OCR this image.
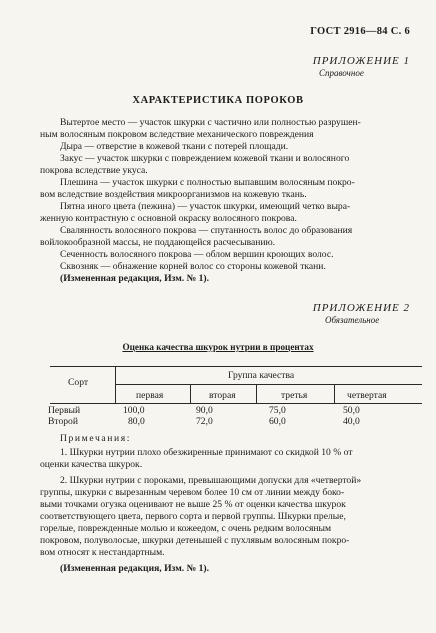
ГОСТ 2916—84 С. 6
ПРИЛОЖЕНИЕ 1
Справочное
ХАРАКТЕРИСТИКА ПОРОКОВ
Вытертое место — участок шкурки с частично или полностью разрушен-
ным волосяным покровом вследствие механического повреждения
Дыра — отверстие в кожевой ткани с потерей площади.
Закус — участок шкурки с повреждением кожевой ткани и волосяного
покрова вследствие укуса.
Плешина — участок шкурки с полностью выпавшим волосяным покро-
вом вследствие воздействия микроорганизмов на кожевую ткань.
Пятна иного цвета (пежина) — участок шкурки, имеющий четко выра-
женную контрастную с основной окраску волосяного покрова.
Свалянность волосяного покрова — спутанность волос до образования
войлокообразной массы, не поддающейся расчесыванию.
Сеченность волосяного покрова — облом вершин кроющих волос.
Сквозняк — обнажение корней волос со стороны кожевой ткани.
(Измененная редакция, Изм. № 1).
ПРИЛОЖЕНИЕ 2
Обязательное
Оценка качества шкурок нутрии в процентах
Сорт
Группа качества
первая	вторая	третья	четвертая
Первый	100,0	90,0	75,0	50,0
Второй	80,0	72,0	60,0	40,0
Примечания:
1. Шкурки нутрии плохо обезжиренные принимают со скидкой 10 % от
оценки качества шкурок.
2. Шкурки нутрии с пороками, превышающими допуски для «четвертой»
группы, шкурки с вырезанным черевом более 10 см от линии между боко-
выми точками огузка оценивают не выше 25 % от оценки качества шкурок
соответствующего цвета, первого сорта и первой группы. Шкурки прелые,
горелые, поврежденные молью и кожеедом, с очень редким волосяным
покровом, полуволосые, шкурки детенышей с пухлявым волосяным покро-
вом относят к нестандартным.
(Измененная редакция, Изм. № 1).
